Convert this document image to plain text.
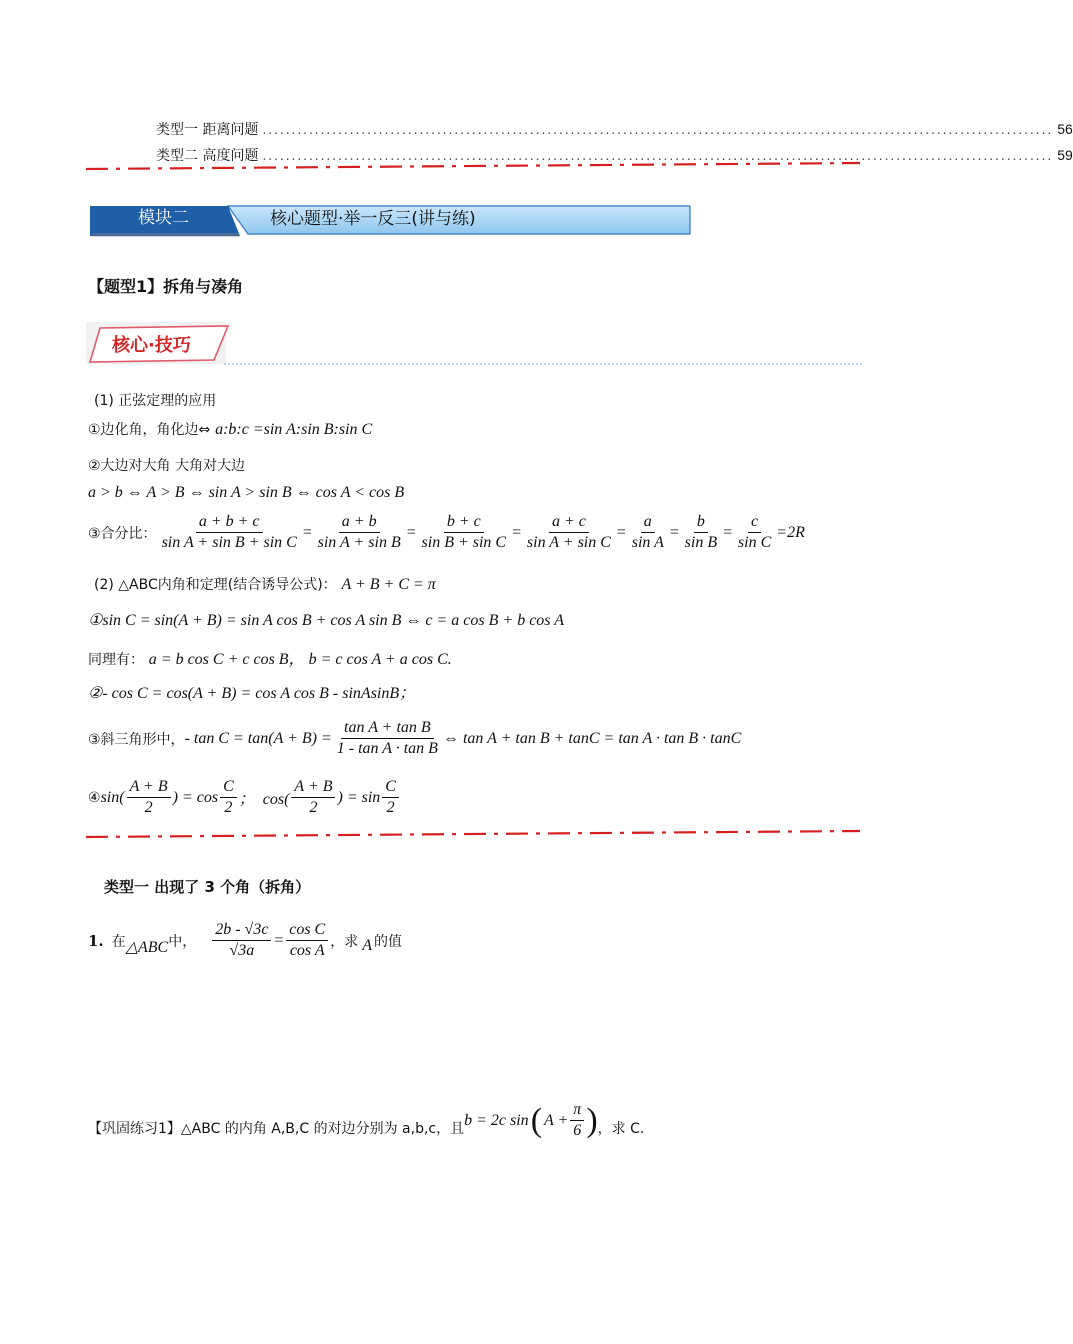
类型一 距离问题 ........................................................................................................................................ 56
类型二 高度问题 ........................................................................................................................................ 59
模块二	核心题型·举一反三(讲与练)
【题型1】拆角与凑角
核心·技巧
(1) 正弦定理的应用
①边化角，角化边⇔ a:b:c =sin A:sin B:sin C
②大边对大角 大角对大边
a > b ⇔ A > B ⇔ sin A > sin B ⇔ cos A < cos B
③合分比： $\frac{a + b + c}{\text{sin A + sin B + sin C}} = \frac{a + b}{\text{sin A + sin B}} = \frac{b + c}{\text{sin B + sin C}} = \frac{a + c}{\text{sin A + sin C}} = \frac{a}{\text{sin A}} = \frac{b}{\text{sin B}} = \frac{c}{\text{sin C}} =2R$
(2) △ABC内角和定理(结合诱导公式)： A + B + C = π
①sin C = sin(A + B) = sin A cos B + cos A sin B ⇔ c = a cos B + b cos A
同理有： a = b cos C + c cos B， b = c cos A + a cos C.
②- cos C = cos(A + B) = cos A cos B - sinAsinB；
③斜三角形中， - $\tan C = \tan(A + B) = \frac{\text{tan A + tan B}}{\text{1 - tan A · tan B}}$ ⇔ tan A + tan B + tanC = tan A · tan B · tanC
④ $\sin( \frac{A + B}{2}$ ) = $\cos \frac{C}{2}$ ；  $\cos( \frac{A + B}{2}$ ) = $\sin \frac{C}{2}$
类型一 出现了 3 个角（拆角）
1. 在 △ABC 中， $\frac{2b - √3c}{√3a} = \frac{\text{cos C}}{\text{cos A}}$ ，求 A 的值
【巩固练习1】△ABC 的内角 A,B,C 的对边分别为 a,b,c，且 b = 2c sin ( $A + \frac{\pi}{6}$ ) ，求 C.
